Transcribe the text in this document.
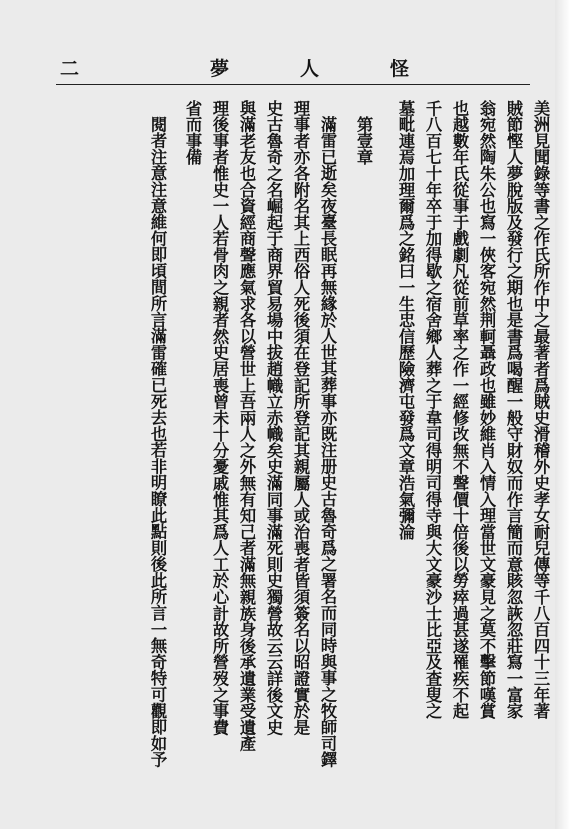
二	夢	人	怪
美洲見聞錄等書之作氏所作中之最著者爲賊史滑稽外史孝女耐兒傳等千八百四十三年著
賊節慳人夢脫版及發行之期也是書爲喝醒一般守財奴而作言簡而意賅忽詼忽莊寫一富家
翁宛然陶朱公也寫一俠客宛然荆軻聶政也雖妙維肖入情入理當世文豪見之莫不擊節嘆賞
也越數年氏從事于戲劇凡從前草率之作一經修改無不聲價十倍後以勞瘁過甚遂罹疾不起
千八百七十年卒于加得歇之宿舍鄉人葬之于韋司得明司得寺與大文豪沙士比亞及査叟之
墓毗連焉加理爾爲之銘曰一生忠信歷險濟屯發爲文章浩氣彌淪
第壹章
滿雷已逝矣夜臺長眠再無緣於人世其葬事亦既注册史古魯奇爲之署名而同時與事之牧師司鐸
理事者亦各附名其上西俗人死後須在登記所登記其親屬人或治喪者皆須簽名以昭證實於是
史古魯奇之名崛起于商界貿易場中拔趙幟立赤幟矣史滿同事滿死則史獨營故云云詳後文史
與滿老友也合資經商聲應氣求各以營世上吾兩人之外無有知己者滿無親族身後承遺業受遺產
理後事者惟史一人若骨肉之親者然史居喪曾未十分憂戚惟其爲人工於心計故所營歿之事費
省而事備
閱者注意注意維何即頃間所言滿雷確已死去也若非明瞭此點則後此所言一無奇特可觀即如予
